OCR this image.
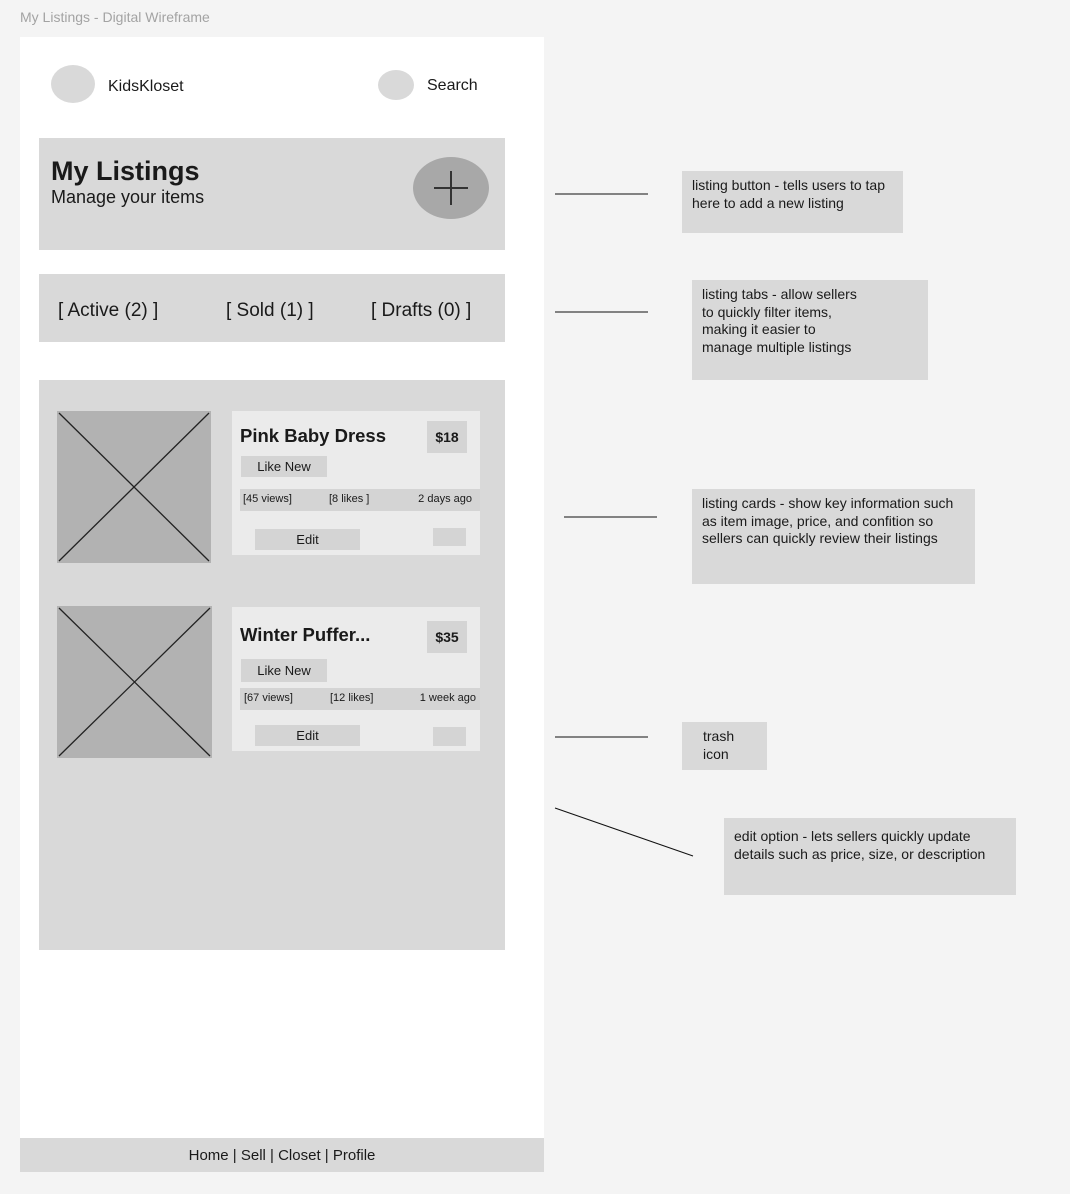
My Listings - Digital Wireframe
KidsKloset	Search
My Listings
Manage your items
[ Active (2) ]	[ Sold (1) ]	[ Drafts (0) ]
Pink Baby Dress	$18
Like New
[45 views]	[8 likes ]	2 days ago
Edit
Winter Puffer...	$35
Like New
[67 views]	[12 likes]	1 week ago
Edit
Home | Sell | Closet | Profile
listing button - tells users to tap here to add a new listing
listing tabs - allow sellers to quickly filter items, making it easier to manage multiple listings
listing cards - show key information such as item image, price, and confition so sellers can quickly review their listings
trash icon
edit option - lets sellers quickly update details such as price, size, or description
